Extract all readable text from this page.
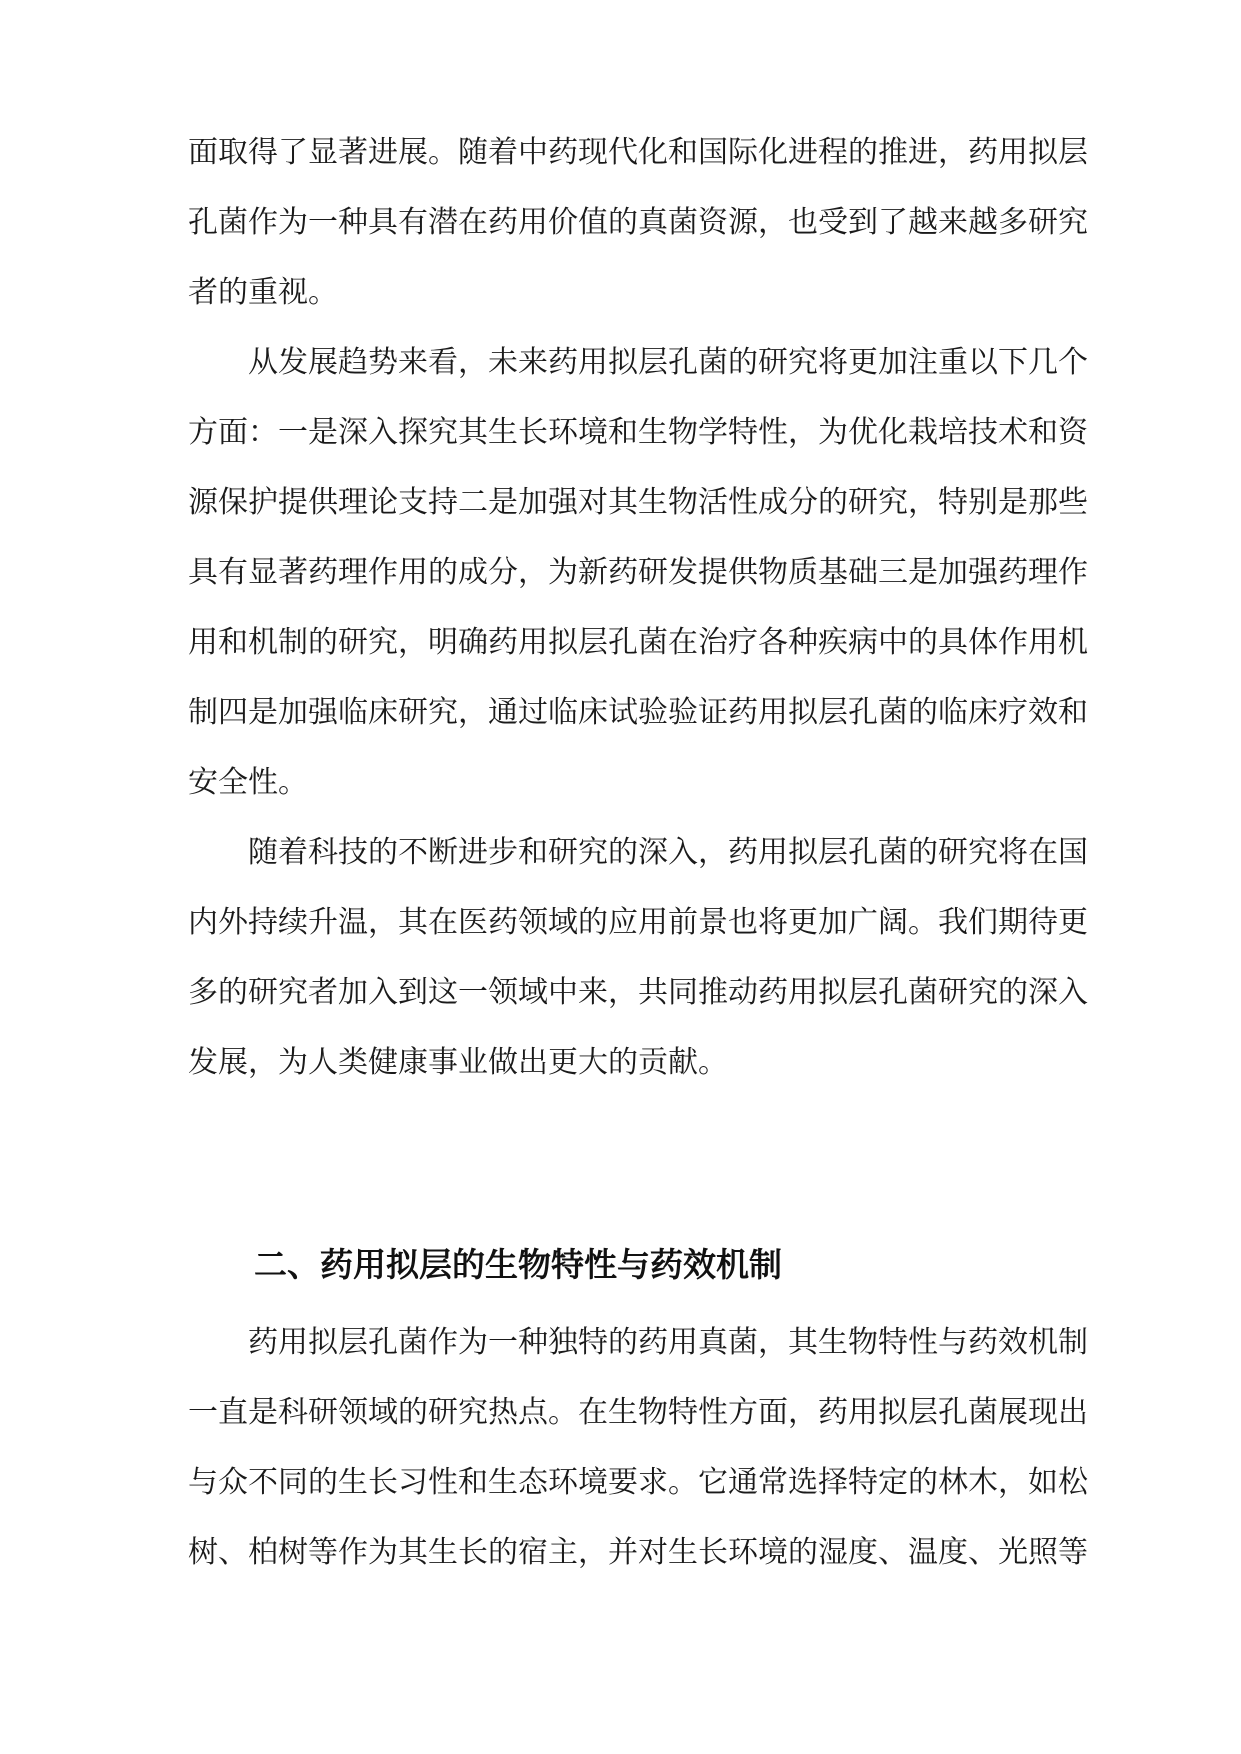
面取得了显著进展。随着中药现代化和国际化进程的推进，药用拟层

孔菌作为一种具有潜在药用价值的真菌资源，也受到了越来越多研究

者的重视。

从发展趋势来看，未来药用拟层孔菌的研究将更加注重以下几个

方面：一是深入探究其生长环境和生物学特性，为优化栽培技术和资

源保护提供理论支持二是加强对其生物活性成分的研究，特别是那些

具有显著药理作用的成分，为新药研发提供物质基础三是加强药理作

用和机制的研究，明确药用拟层孔菌在治疗各种疾病中的具体作用机

制四是加强临床研究，通过临床试验验证药用拟层孔菌的临床疗效和

安全性。

随着科技的不断进步和研究的深入，药用拟层孔菌的研究将在国

内外持续升温，其在医药领域的应用前景也将更加广阔。我们期待更

多的研究者加入到这一领域中来，共同推动药用拟层孔菌研究的深入

发展，为人类健康事业做出更大的贡献。

二、药用拟层的生物特性与药效机制

药用拟层孔菌作为一种独特的药用真菌，其生物特性与药效机制

一直是科研领域的研究热点。在生物特性方面，药用拟层孔菌展现出

与众不同的生长习性和生态环境要求。它通常选择特定的林木，如松

树、柏树等作为其生长的宿主，并对生长环境的湿度、温度、光照等
